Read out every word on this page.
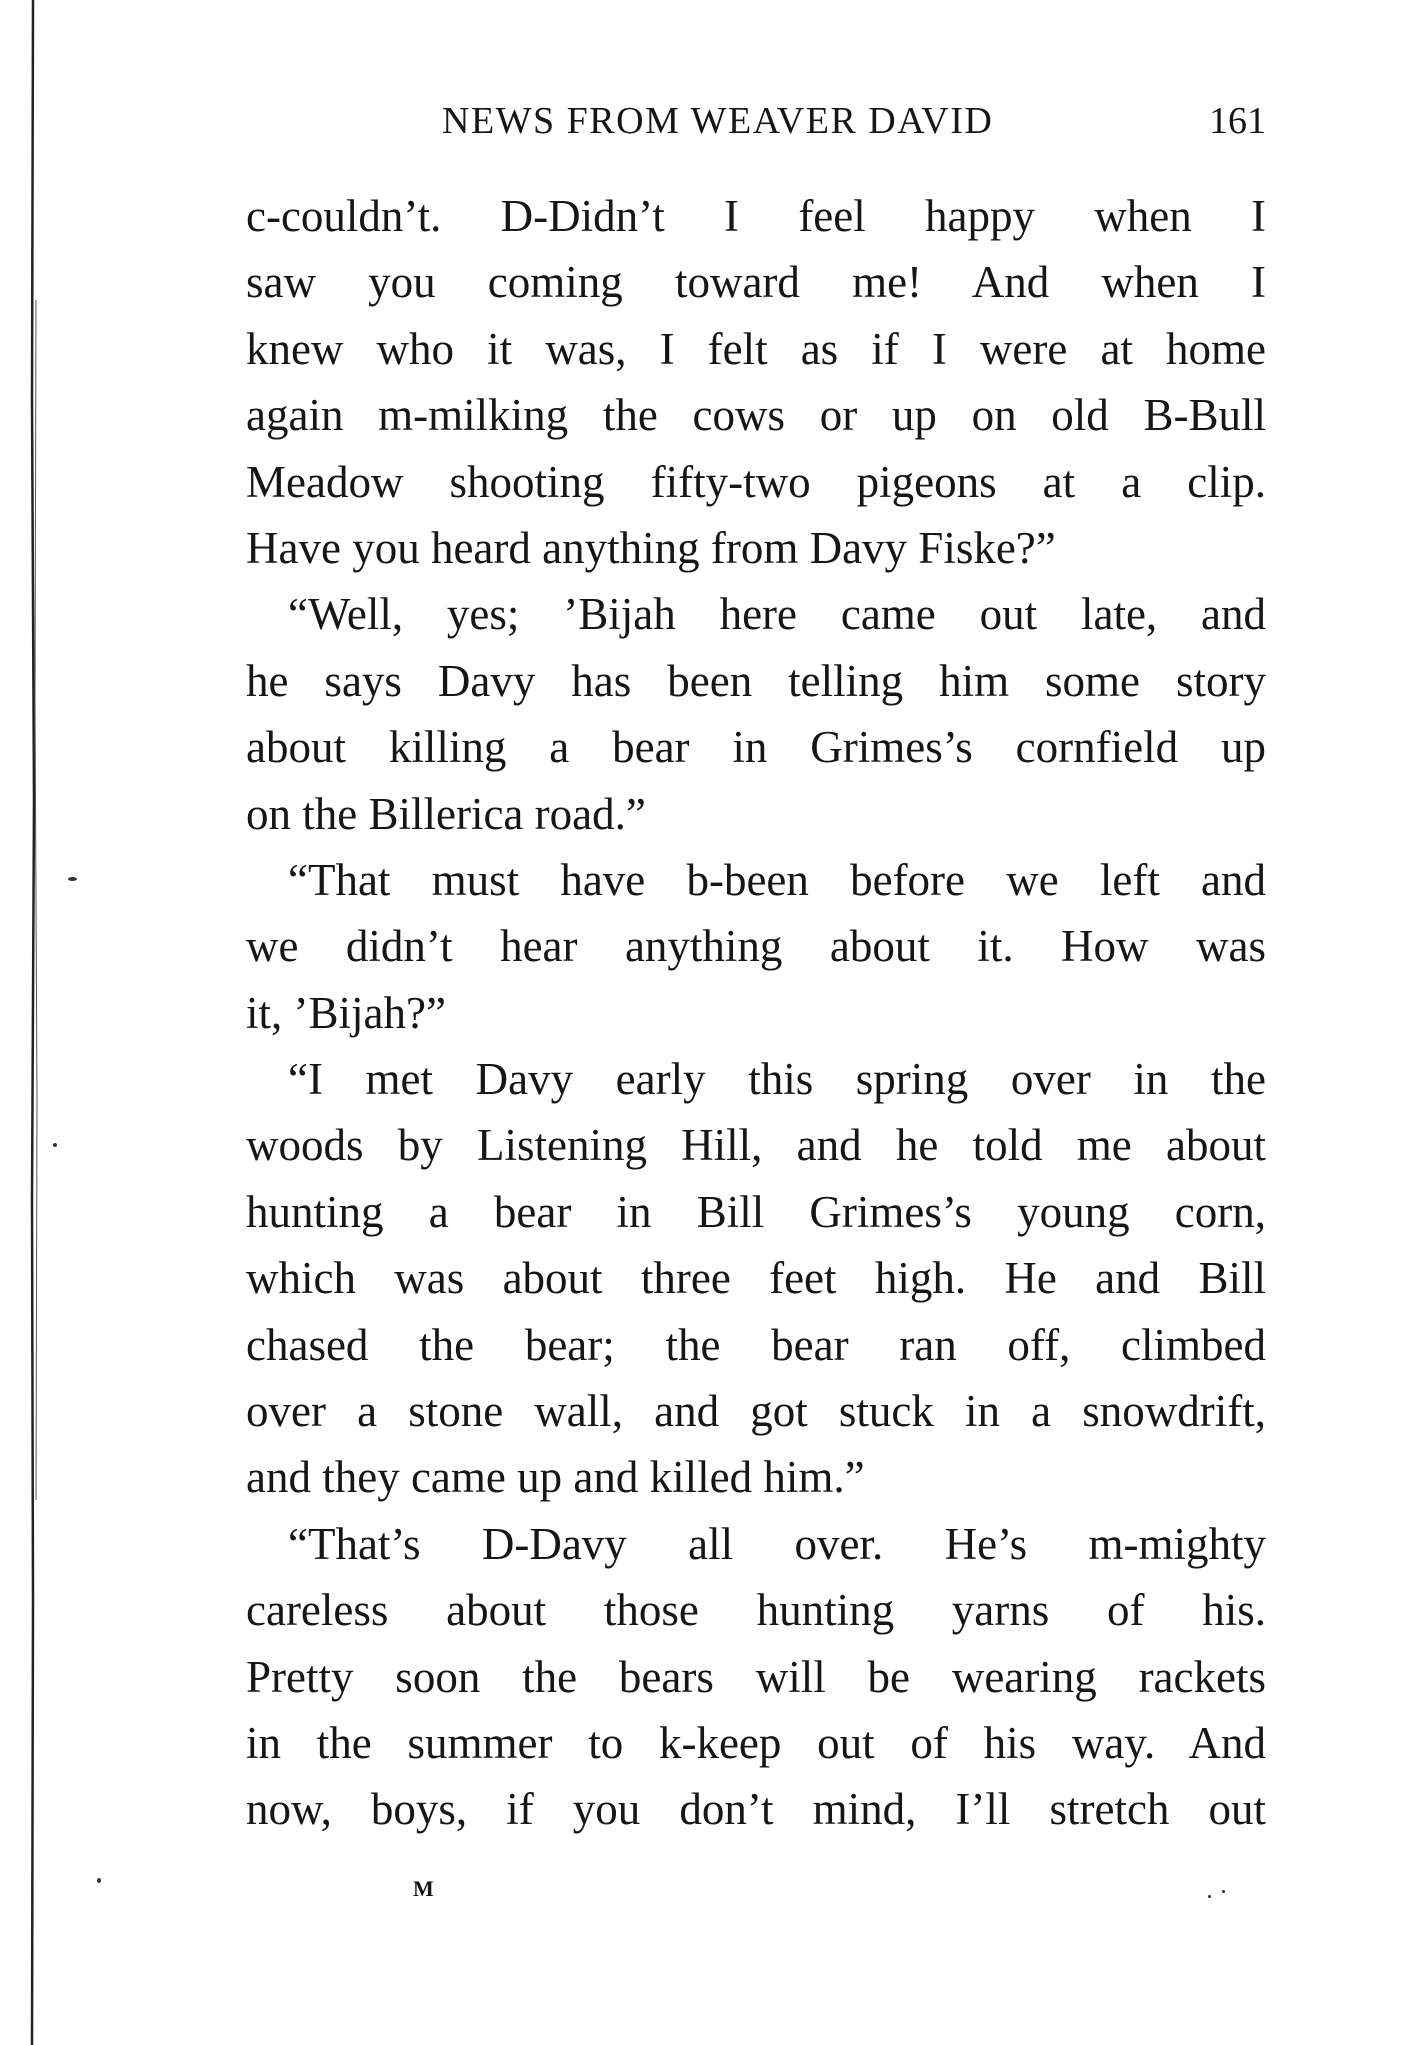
NEWS FROM WEAVER DAVID	161
c-couldn’t. D-Didn’t I feel happy when I
saw you coming toward me! And when I
knew who it was, I felt as if I were at home
again m-milking the cows or up on old B-Bull
Meadow shooting fifty-two pigeons at a clip.
Have you heard anything from Davy Fiske?”
“Well, yes; ’Bijah here came out late, and
he says Davy has been telling him some story
about killing a bear in Grimes’s cornfield up
on the Billerica road.”
“That must have b-been before we left and
we didn’t hear anything about it. How was
it, ’Bijah?”
“I met Davy early this spring over in the
woods by Listening Hill, and he told me about
hunting a bear in Bill Grimes’s young corn,
which was about three feet high. He and Bill
chased the bear; the bear ran off, climbed
over a stone wall, and got stuck in a snowdrift,
and they came up and killed him.”
“That’s D-Davy all over. He’s m-mighty
careless about those hunting yarns of his.
Pretty soon the bears will be wearing rackets
in the summer to k-keep out of his way. And
now, boys, if you don’t mind, I’ll stretch out
M
